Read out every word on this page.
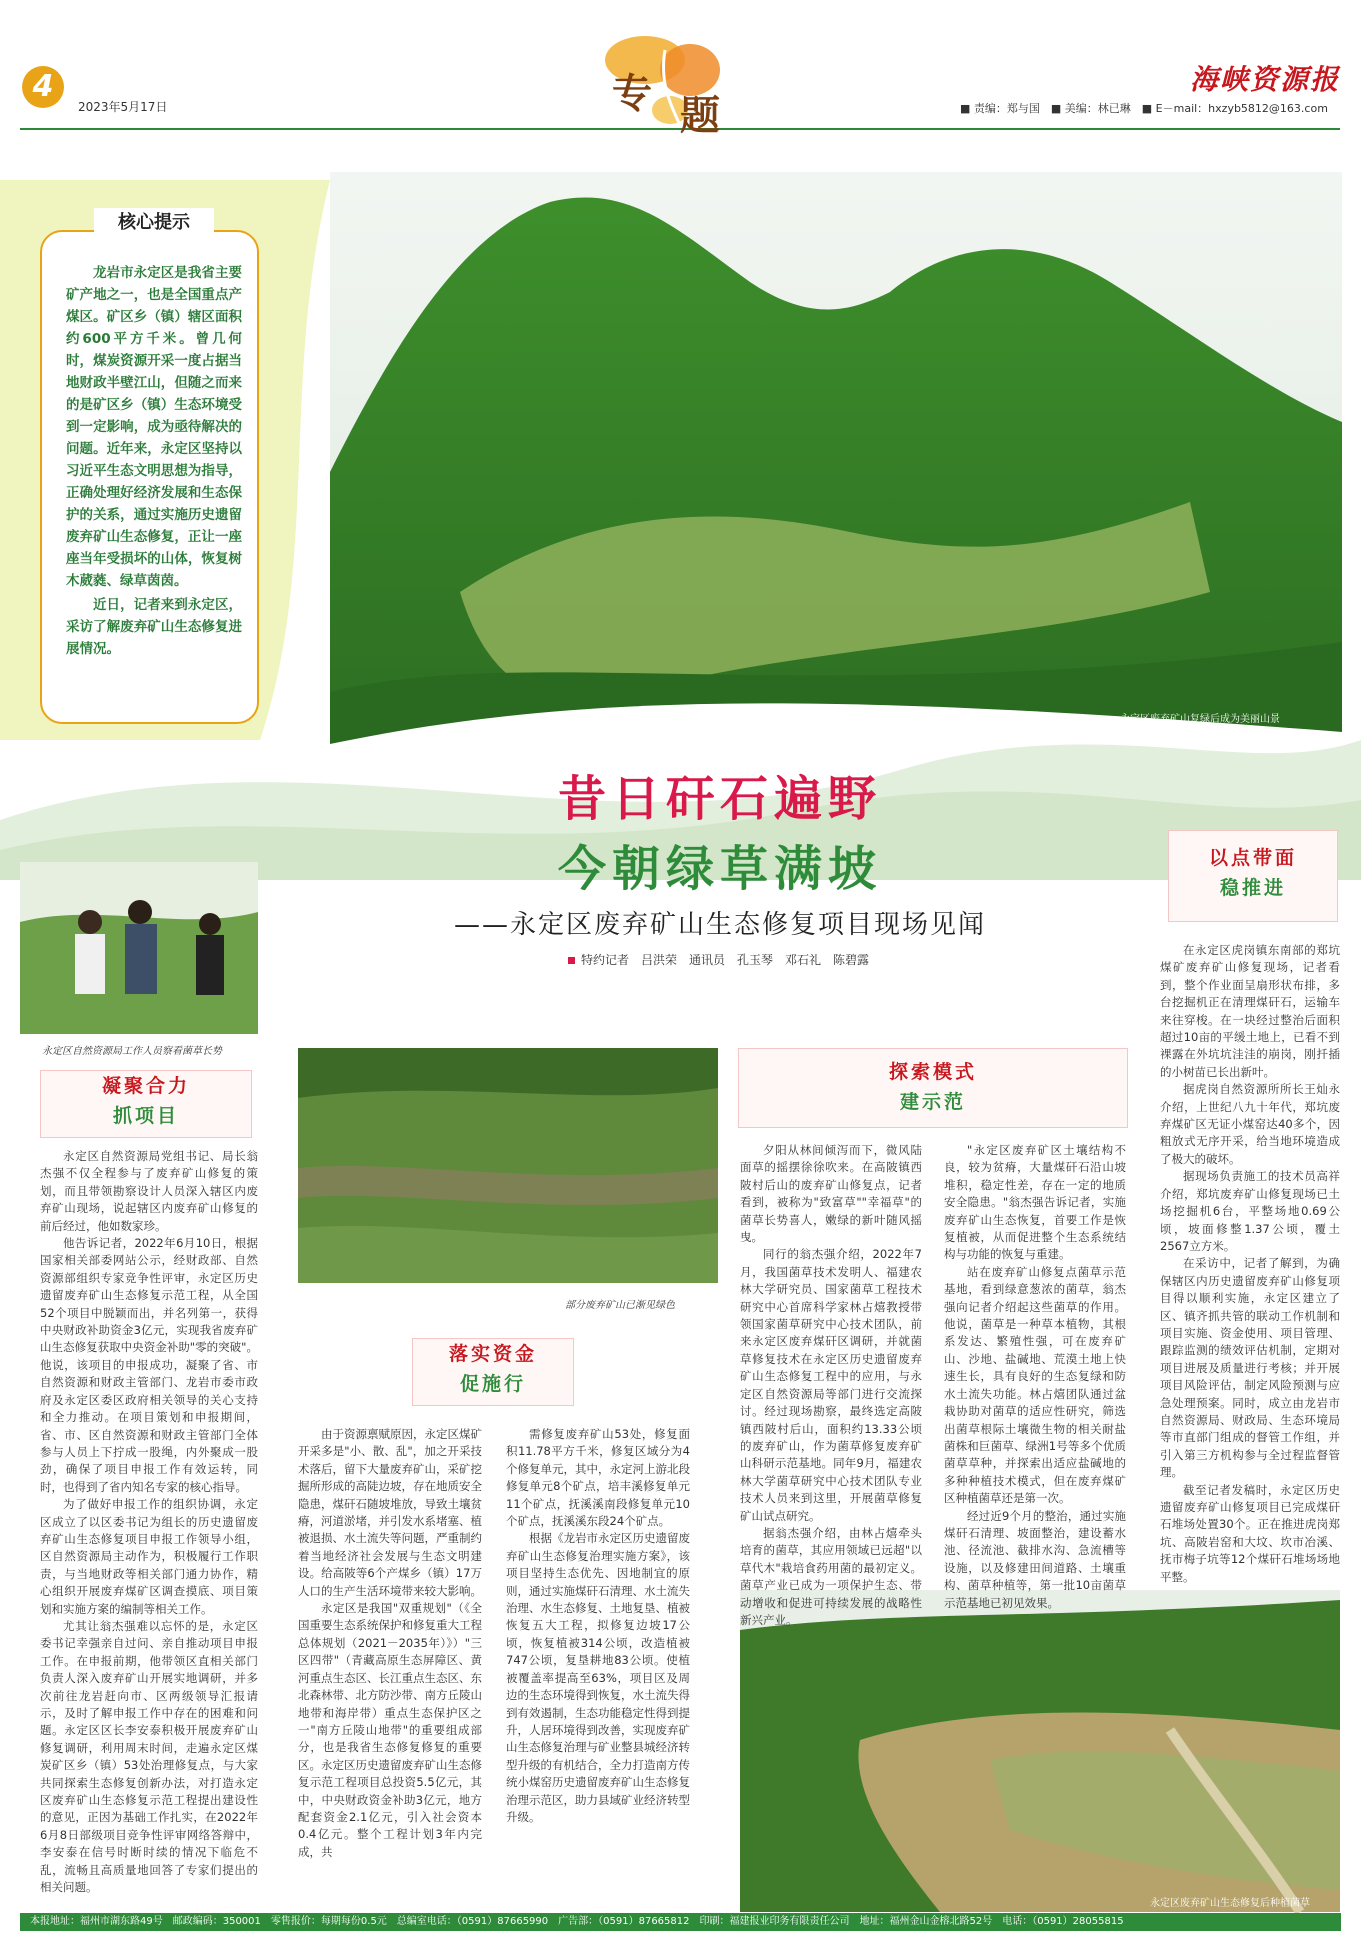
4
2023年5月17日	专 题
海峡资源报
■ 责编：郑与国　■ 美编：林已琳　■ E－mail：hxzyb5812@163.com
永定区废弃矿山复绿后成为美丽山景
核心提示

龙岩市永定区是我省主要矿产地之一，也是全国重点产煤区。矿区乡（镇）辖区面积约600平方千米。曾几何时，煤炭资源开采一度占据当地财政半壁江山，但随之而来的是矿区乡（镇）生态环境受到一定影响，成为亟待解决的问题。近年来，永定区坚持以习近平生态文明思想为指导，正确处理好经济发展和生态保护的关系，通过实施历史遗留废弃矿山生态修复，正让一座座当年受损坏的山体，恢复树木葳蕤、绿草茵茵。

近日，记者来到永定区，采访了解废弃矿山生态修复进展情况。

昔日矸石遍野
今朝绿草满坡
——永定区废弃矿山生态修复项目现场见闻
特约记者　吕洪荣　通讯员　孔玉琴　邓石礼　陈碧露
永定区自然资源局工作人员察看菌草长势
凝聚合力
抓项目
落实资金
促施行
探索模式
建示范
以点带面
稳推进
部分废弃矿山已渐见绿色
永定区废弃矿山生态修复后种植菌草

永定区自然资源局党组书记、局长翁杰强不仅全程参与了废弃矿山修复的策划，而且带领勘察设计人员深入辖区内废弃矿山现场，说起辖区内废弃矿山修复的前后经过，他如数家珍。

他告诉记者，2022年6月10日，根据国家相关部委网站公示，经财政部、自然资源部组织专家竞争性评审，永定区历史遗留废弃矿山生态修复示范工程，从全国52个项目中脱颖而出，并名列第一，获得中央财政补助资金3亿元，实现我省废弃矿山生态修复获取中央资金补助"零的突破"。他说，该项目的申报成功，凝聚了省、市自然资源和财政主管部门、龙岩市委市政府及永定区委区政府相关领导的关心支持和全力推动。在项目策划和申报期间，省、市、区自然资源和财政主管部门全体参与人员上下拧成一股绳，内外聚成一股劲，确保了项目申报工作有效运转，同时，也得到了省内知名专家的核心指导。

为了做好申报工作的组织协调，永定区成立了以区委书记为组长的历史遗留废弃矿山生态修复项目申报工作领导小组，区自然资源局主动作为，积极履行工作职责，与当地财政等相关部门通力协作，精心组织开展废弃煤矿区调查摸底、项目策划和实施方案的编制等相关工作。

尤其让翁杰强难以忘怀的是，永定区委书记幸强亲自过问、亲自推动项目申报工作。在申报前期，他带领区直相关部门负责人深入废弃矿山开展实地调研，并多次前往龙岩赶向市、区两级领导汇报请示，及时了解申报工作中存在的困难和问题。永定区区长李安泰积极开展废弃矿山修复调研，利用周末时间，走遍永定区煤炭矿区乡（镇）53处治理修复点，与大家共同探索生态修复创新办法，对打造永定区废弃矿山生态修复示范工程提出建设性的意见，正因为基础工作扎实，在2022年6月8日部级项目竞争性评审网络答辩中，李安泰在信号时断时续的情况下临危不乱，流畅且高质量地回答了专家们提出的相关问题。

由于资源禀赋原因，永定区煤矿开采多是"小、散、乱"，加之开采技术落后，留下大量废弃矿山，采矿挖掘所形成的高陡边坡，存在地质安全隐患，煤矸石随坡堆放，导致土壤贫瘠，河道淤堵，并引发水系堵塞、植被退损、水土流失等问题，严重制约着当地经济社会发展与生态文明建设。给高陂等6个产煤乡（镇）17万人口的生产生活环境带来较大影响。

永定区是我国"双重规划"（《全国重要生态系统保护和修复重大工程总体规划（2021－2035年）》）"三区四带"（青藏高原生态屏障区、黄河重点生态区、长江重点生态区、东北森林带、北方防沙带、南方丘陵山地带和海岸带）重点生态保护区之一"南方丘陵山地带"的重要组成部分，也是我省生态修复修复的重要区。永定区历史遗留废弃矿山生态修复示范工程项目总投资5.5亿元，其中，中央财政资金补助3亿元，地方配套资金2.1亿元，引入社会资本0.4亿元。整个工程计划3年内完成，共

需修复废弃矿山53处，修复面积11.78平方千米，修复区域分为4个修复单元，其中，永定河上游北段修复单元8个矿点，培丰溪修复单元11个矿点，抚溪溪南段修复单元10个矿点，抚溪溪东段24个矿点。

根据《龙岩市永定区历史遗留废弃矿山生态修复治理实施方案》，该项目坚持生态优先、因地制宜的原则，通过实施煤矸石清理、水土流失治理、水生态修复、土地复垦、植被恢复五大工程，拟修复边坡17公顷，恢复植被314公顷，改造植被747公顷，复垦耕地83公顷。使植被覆盖率提高至63%，项目区及周边的生态环境得到恢复，水土流失得到有效遏制，生态功能稳定性得到提升，人居环境得到改善，实现废弃矿山生态修复治理与矿业整县城经济转型升级的有机结合，全力打造南方传统小煤窑历史遗留废弃矿山生态修复治理示范区，助力县域矿业经济转型升级。

夕阳从林间倾泻而下，微风陆面草的摇摆徐徐吹来。在高陂镇西陂村后山的废弃矿山修复点，记者看到，被称为"致富草""幸福草"的菌草长势喜人，嫩绿的新叶随风摇曳。

同行的翁杰强介绍，2022年7月，我国菌草技术发明人、福建农林大学研究员、国家菌草工程技术研究中心首席科学家林占熺教授带领国家菌草研究中心技术团队，前来永定区废弃煤矸区调研，并就菌草修复技术在永定区历史遗留废弃矿山生态修复工程中的应用，与永定区自然资源局等部门进行交流探讨。经过现场勘察，最终选定高陂镇西陂村后山，面积约13.33公顷的废弃矿山，作为菌草修复废弃矿山科研示范基地。同年9月，福建农林大学菌草研究中心技术团队专业技术人员来到这里，开展菌草修复矿山试点研究。

据翁杰强介绍，由林占熺牵头培育的菌草，其应用领域已远超"以草代木"栽培食药用菌的最初定义。菌草产业已成为一项保护生态、带动增收和促进可持续发展的战略性新兴产业。

"永定区废弃矿区土壤结构不良，较为贫瘠，大量煤矸石沿山坡堆积，稳定性差，存在一定的地质安全隐患。"翁杰强告诉记者，实施废弃矿山生态恢复，首要工作是恢复植被，从而促进整个生态系统结构与功能的恢复与重建。

站在废弃矿山修复点菌草示范基地，看到绿意葱浓的菌草，翁杰强向记者介绍起这些菌草的作用。他说，菌草是一种草本植物，其根系发达、繁殖性强，可在废弃矿山、沙地、盐碱地、荒漠土地上快速生长，具有良好的生态复绿和防水土流失功能。林占熺团队通过盆栽协助对菌草的适应性研究，筛选出菌草根际土壤微生物的相关耐盐菌株和巨菌草、绿洲1号等多个优质菌草草种，并探索出适应盐碱地的多种种植技术模式，但在废弃煤矿区种植菌草还是第一次。

经过近9个月的整治，通过实施煤矸石清理、坡面整治，建设蓄水池、径流池、截排水沟、急流槽等设施，以及修建田间道路、土壤重构、菌草种植等，第一批10亩菌草示范基地已初见效果。

在永定区虎岗镇东南部的郑坑煤矿废弃矿山修复现场，记者看到，整个作业面呈扇形状布排，多台挖掘机正在清理煤矸石，运输车来往穿梭。在一块经过整治后面积超过10亩的平缓土地上，已看不到裸露在外坑坑洼洼的崩岗，刚扦插的小树苗已长出新叶。

据虎岗自然资源所所长王灿永介绍，上世纪八九十年代，郑坑废弃煤矿区无证小煤窑达40多个，因粗放式无序开采，给当地环境造成了极大的破坏。

据现场负责施工的技术员高祥介绍，郑坑废弃矿山修复现场已土场挖掘机6台，平整场地0.69公顷，坡面修整1.37公顷，覆土2567立方米。

在采访中，记者了解到，为确保辖区内历史遗留废弃矿山修复项目得以顺利实施，永定区建立了区、镇齐抓共管的联动工作机制和项目实施、资金使用、项目管理、跟踪监测的绩效评估机制，定期对项目进展及质量进行考核；并开展项目风险评估，制定风险预测与应急处理预案。同时，成立由龙岩市自然资源局、财政局、生态环境局等市直部门组成的督管工作组，并引入第三方机构参与全过程监督管理。

截至记者发稿时，永定区历史遗留废弃矿山修复项目已完成煤矸石堆场处置30个。正在推进虎岗郑坑、高陂岩窑和大坟、坎市冶溪、抚市梅子坑等12个煤矸石堆场场地平整。

本报地址：福州市湖东路49号　邮政编码：350001　零售报价：每期每份0.5元　总编室电话：（0591）87665990　广告部：（0591）87665812　印刷：福建报业印务有限责任公司　地址：福州金山金榕北路52号　电话：（0591）28055815
